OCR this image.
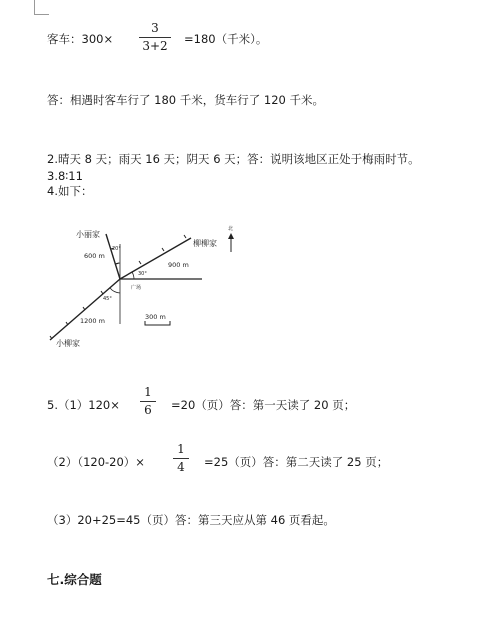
客车：300×
3
3+2 =180（千米）。
答：相遇时客车行了 180 千米，货车行了 120 千米。
2.晴天 8 天；雨天 16 天；阴天 6 天；答：说明该地区正处于梅雨时节。
3.8∶11
4.如下：
小丽家
柳柳家
小柳家
广场
北
600 m
900 m
1200 m
20°
30°
45°
300 m
5.（1）120×
1
6	=20（页）答：第一天读了 20 页；
（2）（120-20）×
1
4	=25（页）答：第二天读了 25 页；
（3）20+25=45（页）答：第三天应从第 46 页看起。
七.综合题
